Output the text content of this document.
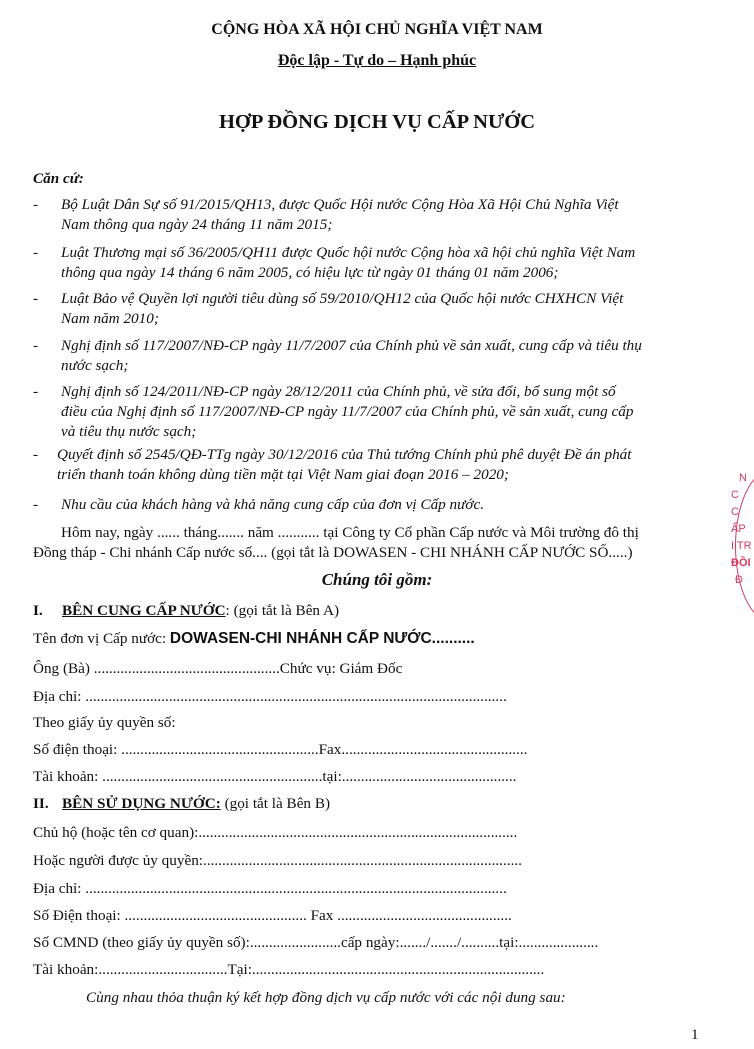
CỘNG HÒA XÃ HỘI CHỦ NGHĨA VIỆT NAM
Độc lập - Tự do – Hạnh phúc
HỢP ĐỒNG DỊCH VỤ CẤP NƯỚC
Căn cứ:
- Bộ Luật Dân Sự số 91/2015/QH13, được Quốc Hội nước Cộng Hòa Xã Hội Chủ Nghĩa Việt
Nam thông qua ngày 24 tháng 11 năm 2015;
- Luật Thương mại số 36/2005/QH11 được Quốc hội nước Cộng hòa xã hội chủ nghĩa Việt Nam
thông qua ngày 14 tháng 6 năm 2005, có hiệu lực từ ngày 01 tháng 01 năm 2006;
- Luật Bảo vệ Quyền lợi người tiêu dùng số 59/2010/QH12 của Quốc hội nước CHXHCN Việt
Nam năm 2010;
- Nghị định số 117/2007/NĐ-CP ngày 11/7/2007 của Chính phủ về sản xuất, cung cấp và tiêu thụ
nước sạch;
- Nghị định số 124/2011/NĐ-CP ngày 28/12/2011 của Chính phủ, về sửa đổi, bổ sung một số
điều của Nghị định số 117/2007/NĐ-CP ngày 11/7/2007 của Chính phủ, về sản xuất, cung cấp
và tiêu thụ nước sạch;
- Quyết định số 2545/QĐ-TTg ngày 30/12/2016 của Thủ tướng Chính phủ phê duyệt Đề án phát
triển thanh toán không dùng tiền mặt tại Việt Nam giai đoạn 2016 – 2020;
- Nhu cầu của khách hàng và khả năng cung cấp của đơn vị Cấp nước.
Hôm nay, ngày ...... tháng....... năm ........... tại Công ty Cổ phần Cấp nước và Môi trường đô thị
Đồng tháp - Chi nhánh Cấp nước số.... (gọi tắt là DOWASEN - CHI NHÁNH CẤP NƯỚC SỐ.....)
Chúng tôi gồm:
I. BÊN CUNG CẤP NƯỚC: (gọi tắt là Bên A)
Tên đơn vị Cấp nước: DOWASEN-CHI NHÁNH CẤP NƯỚC..........
Ông (Bà) .................................................Chức vụ: Giám Đốc
Địa chỉ: ...............................................................................................................
Theo giấy ủy quyền số:
Số điện thoại: ....................................................Fax.................................................
Tài khoản: ..........................................................tại:..............................................
II. BÊN SỬ DỤNG NƯỚC: (gọi tắt là Bên B)
Chủ hộ (hoặc tên cơ quan):....................................................................................
Hoặc người được ủy quyền:....................................................................................
Địa chỉ: ...............................................................................................................
Số Điện thoại: ................................................ Fax ..............................................
Số CMND (theo giấy ủy quyền số):........................cấp ngày:......./......./..........tại:.....................
Tài khoản:..................................Tại:.............................................................................
Cùng nhau thỏa thuận ký kết hợp đồng dịch vụ cấp nước với các nội dung sau:
1
N
C
C
ẤP
I TR
ĐỒI
Đ
